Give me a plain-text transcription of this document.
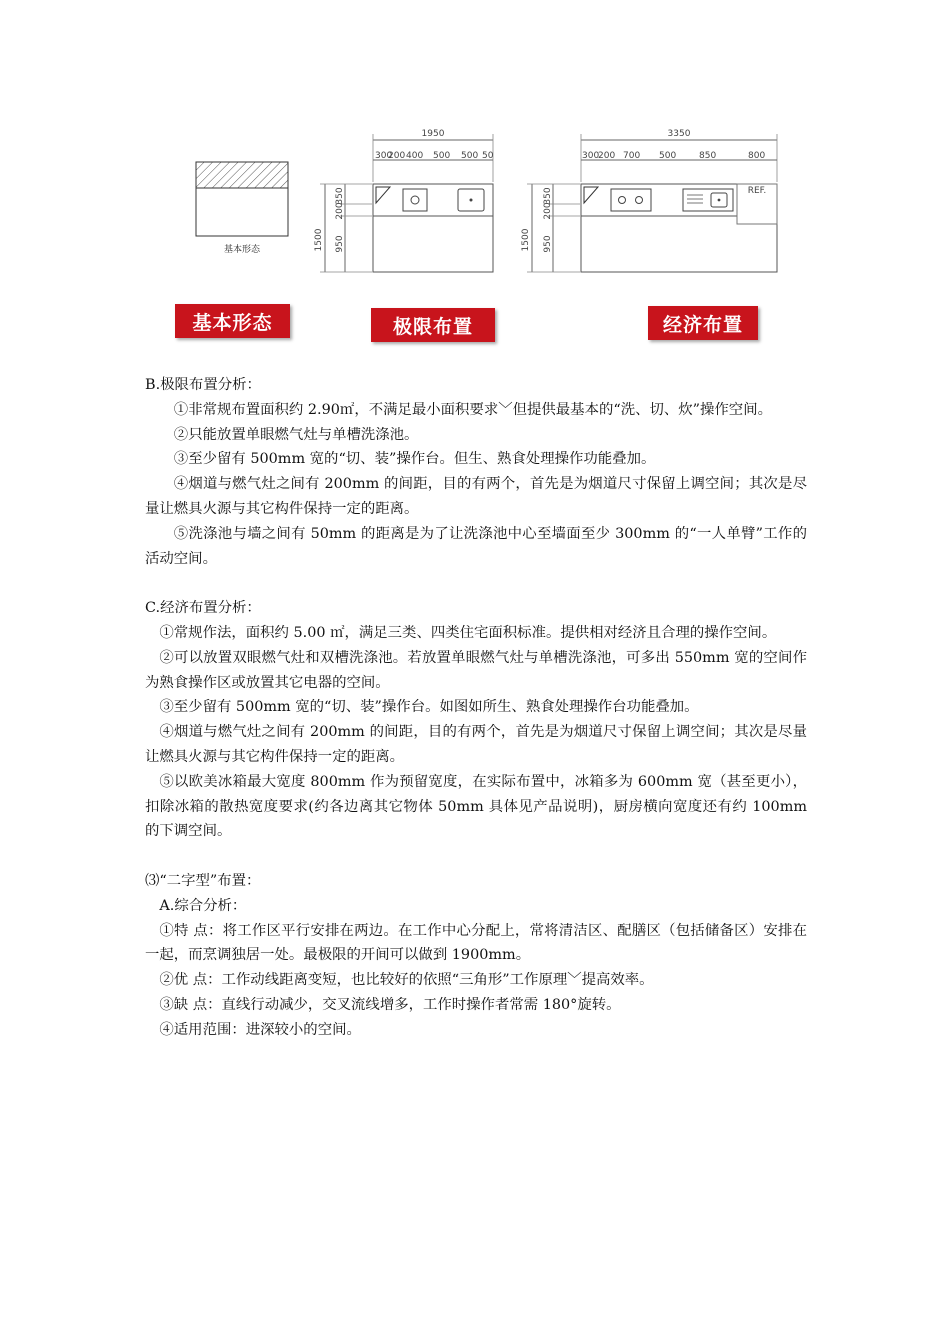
基本形态
1950
300
200 400 500 500 50
1500
350
200
950
3350
300
200 700 500	850	800
REF.
1500
350
200
950
基本形态	极限布置	经济布置

B.极限布置分析：

①非常规布置面积约 2.90㎡，不满足最小面积要求﹀但提供最基本的“洗、切、炊”操作空间。

②只能放置单眼燃气灶与单槽洗涤池。

③至少留有 500mm 宽的“切、装”操作台。但生、熟食处理操作功能叠加。

④烟道与燃气灶之间有 200mm 的间距，目的有两个，首先是为烟道尺寸保留上调空间；其次是尽量让燃具火源与其它构件保持一定的距离。

⑤洗涤池与墙之间有 50mm 的距离是为了让洗涤池中心至墙面至少 300mm 的“一人单臂”工作的活动空间。

C.经济布置分析：

①常规作法，面积约 5.00 ㎡，满足三类、四类住宅面积标准。提供相对经济且合理的操作空间。

②可以放置双眼燃气灶和双槽洗涤池。若放置单眼燃气灶与单槽洗涤池，可多出 550mm 宽的空间作为熟食操作区或放置其它电器的空间。

③至少留有 500mm 宽的“切、装”操作台。如图如所生、熟食处理操作台功能叠加。

④烟道与燃气灶之间有 200mm 的间距，目的有两个，首先是为烟道尺寸保留上调空间；其次是尽量让燃具火源与其它构件保持一定的距离。

⑤以欧美冰箱最大宽度 800mm 作为预留宽度，在实际布置中，冰箱多为 600mm 宽（甚至更小），扣除冰箱的散热宽度要求(约各边离其它物体 50mm 具体见产品说明)，厨房横向宽度还有约 100mm 的下调空间。

⑶“二字型”布置：

A.综合分析：

①特 点：将工作区平行安排在两边。在工作中心分配上，常将清洁区、配膳区（包括储备区）安排在一起，而烹调独居一处。最极限的开间可以做到 1900mm。

②优 点：工作动线距离变短，也比较好的依照“三角形”工作原理﹀提高效率。

③缺 点：直线行动减少，交叉流线增多，工作时操作者常需 180°旋转。

④适用范围：进深较小的空间。
